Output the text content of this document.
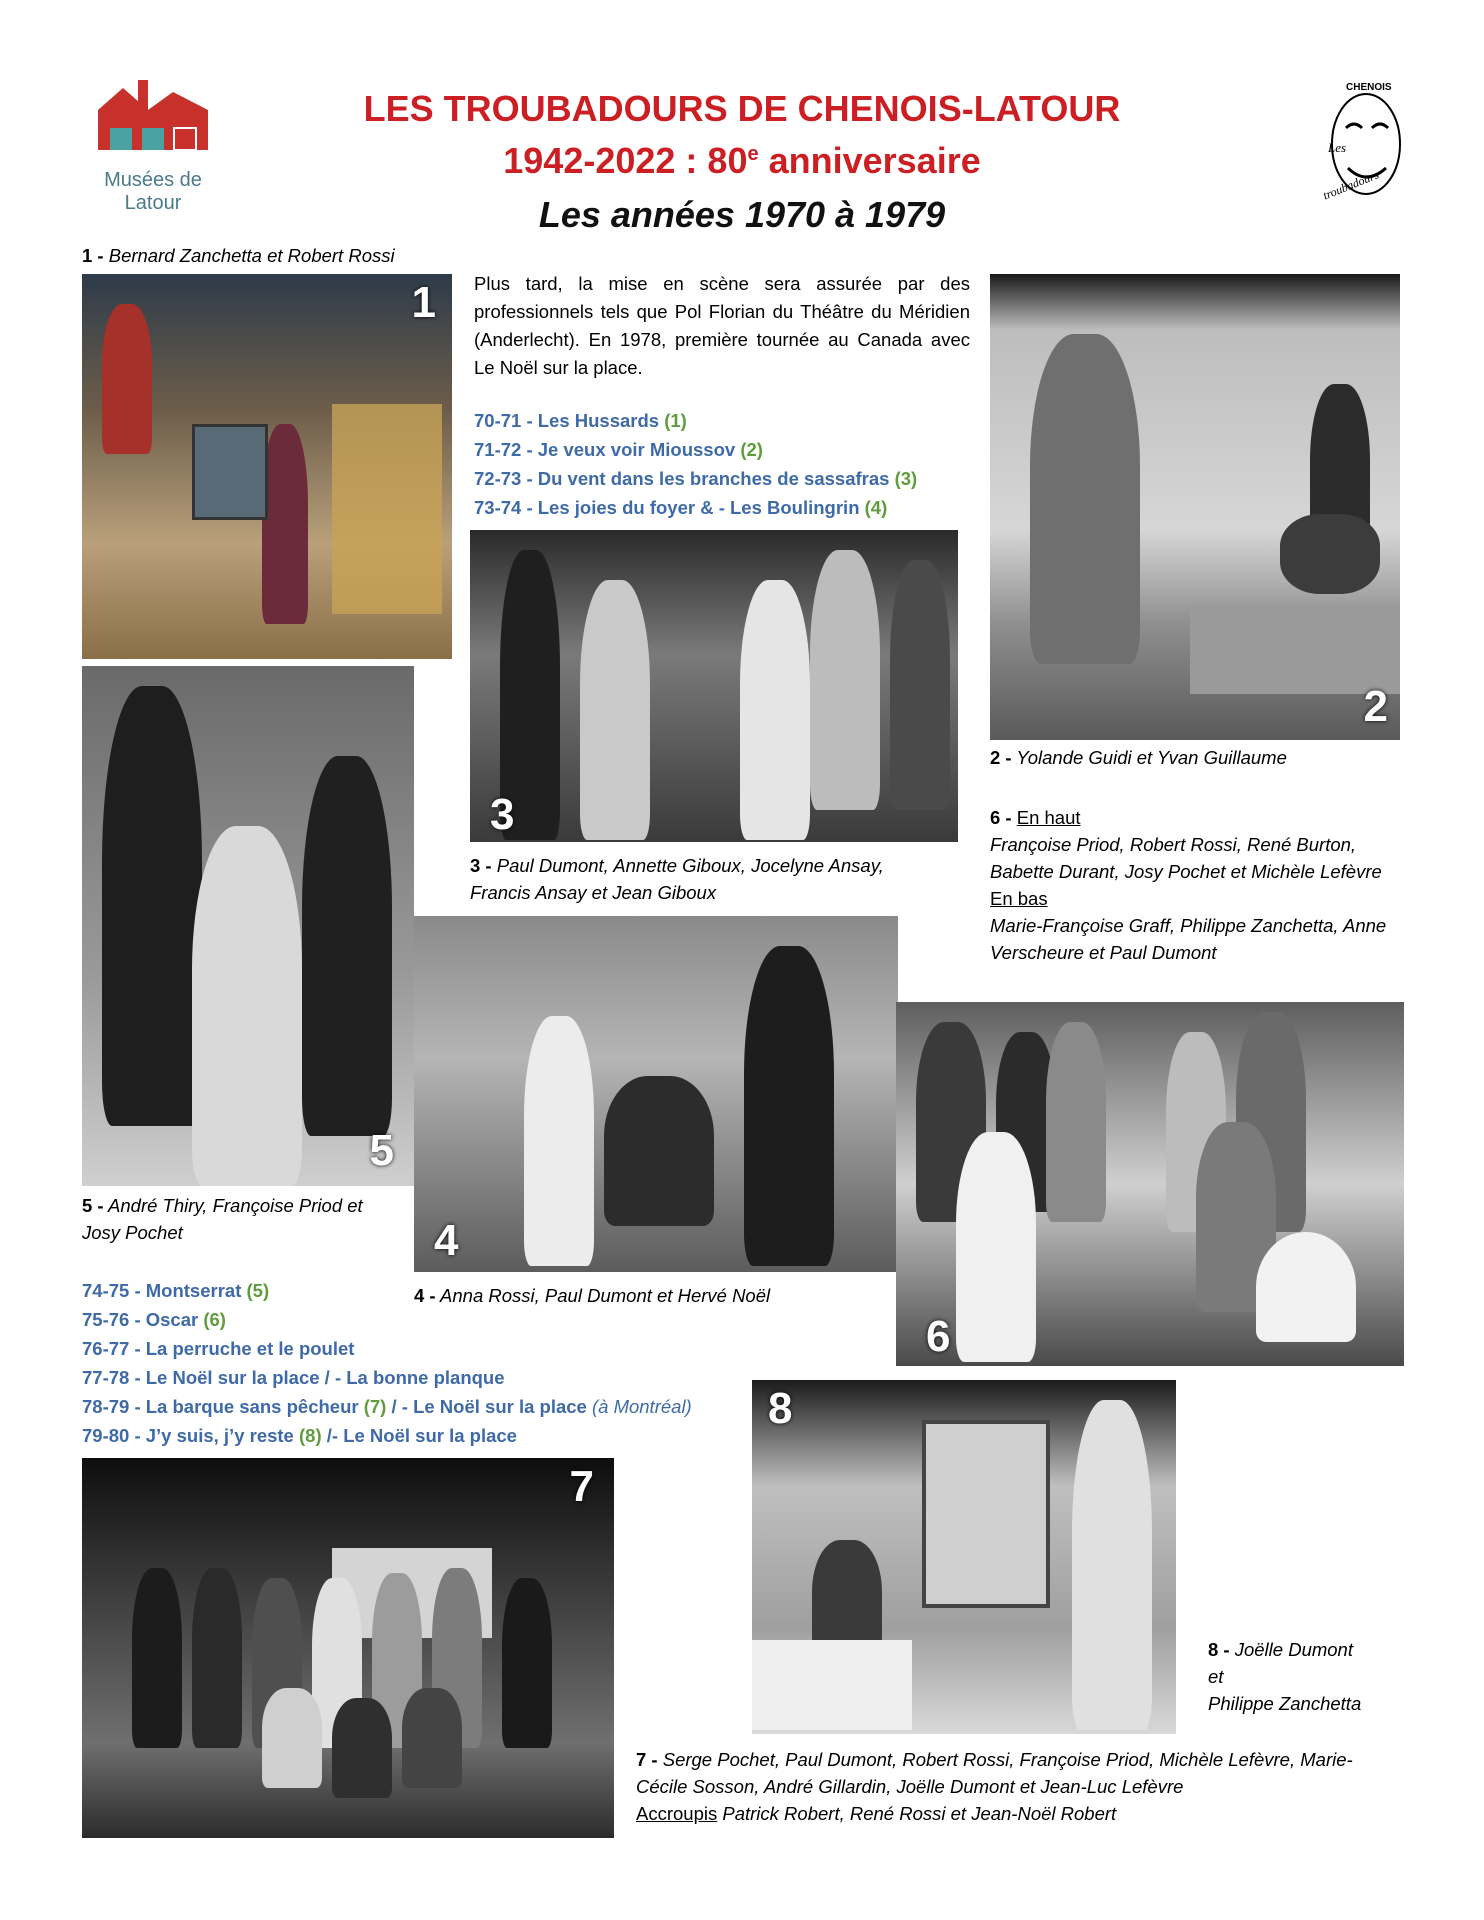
Musées de Latour
LES TROUBADOURS DE CHENOIS-LATOUR
1942-2022 : 80e anniversaire
Les années 1970 à 1979
CHENOIS
Les
troubadours
1 - Bernard Zanchetta et Robert Rossi
1 Plus tard, la mise en scène sera assurée par des professionnels tels que Pol Florian du Théâtre du Méridien (Anderlecht). En 1978, première tournée au Canada avec Le Noël sur la place.
70-71 - Les Hussards (1)
71-72 - Je veux voir Mioussov (2)
72-73 - Du vent dans les branches de sassafras (3)
73-74 - Les joies du foyer & - Les Boulingrin (4)
2
2 - Yolande Guidi et Yvan Guillaume
3
3 - Paul Dumont, Annette Giboux, Jocelyne Ansay, Francis Ansay et Jean Giboux
6 - En haut
Françoise Priod, Robert Rossi, René Burton, Babette Durant, Josy Pochet et Michèle Lefèvre
En bas
Marie-Françoise Graff, Philippe Zanchetta, Anne Verscheure et Paul Dumont
5
5 - André Thiry, Françoise Priod et Josy Pochet	4
4 - Anna Rossi, Paul Dumont et Hervé Noël
6
74-75 - Montserrat (5)
75-76 - Oscar (6)
76-77 - La perruche et le poulet
77-78 - Le Noël sur la place / - La bonne planque
78-79 - La barque sans pêcheur (7) / - Le Noël sur la place (à Montréal)
79-80 - J’y suis, j’y reste (8) /- Le Noël sur la place
8
8 - Joëlle Dumont
et
Philippe Zanchetta
7
7 - Serge Pochet, Paul Dumont, Robert Rossi, Françoise Priod, Michèle Lefèvre, Marie-Cécile Sosson, André Gillardin, Joëlle Dumont et Jean-Luc Lefèvre
Accroupis Patrick Robert, René Rossi et Jean-Noël Robert
